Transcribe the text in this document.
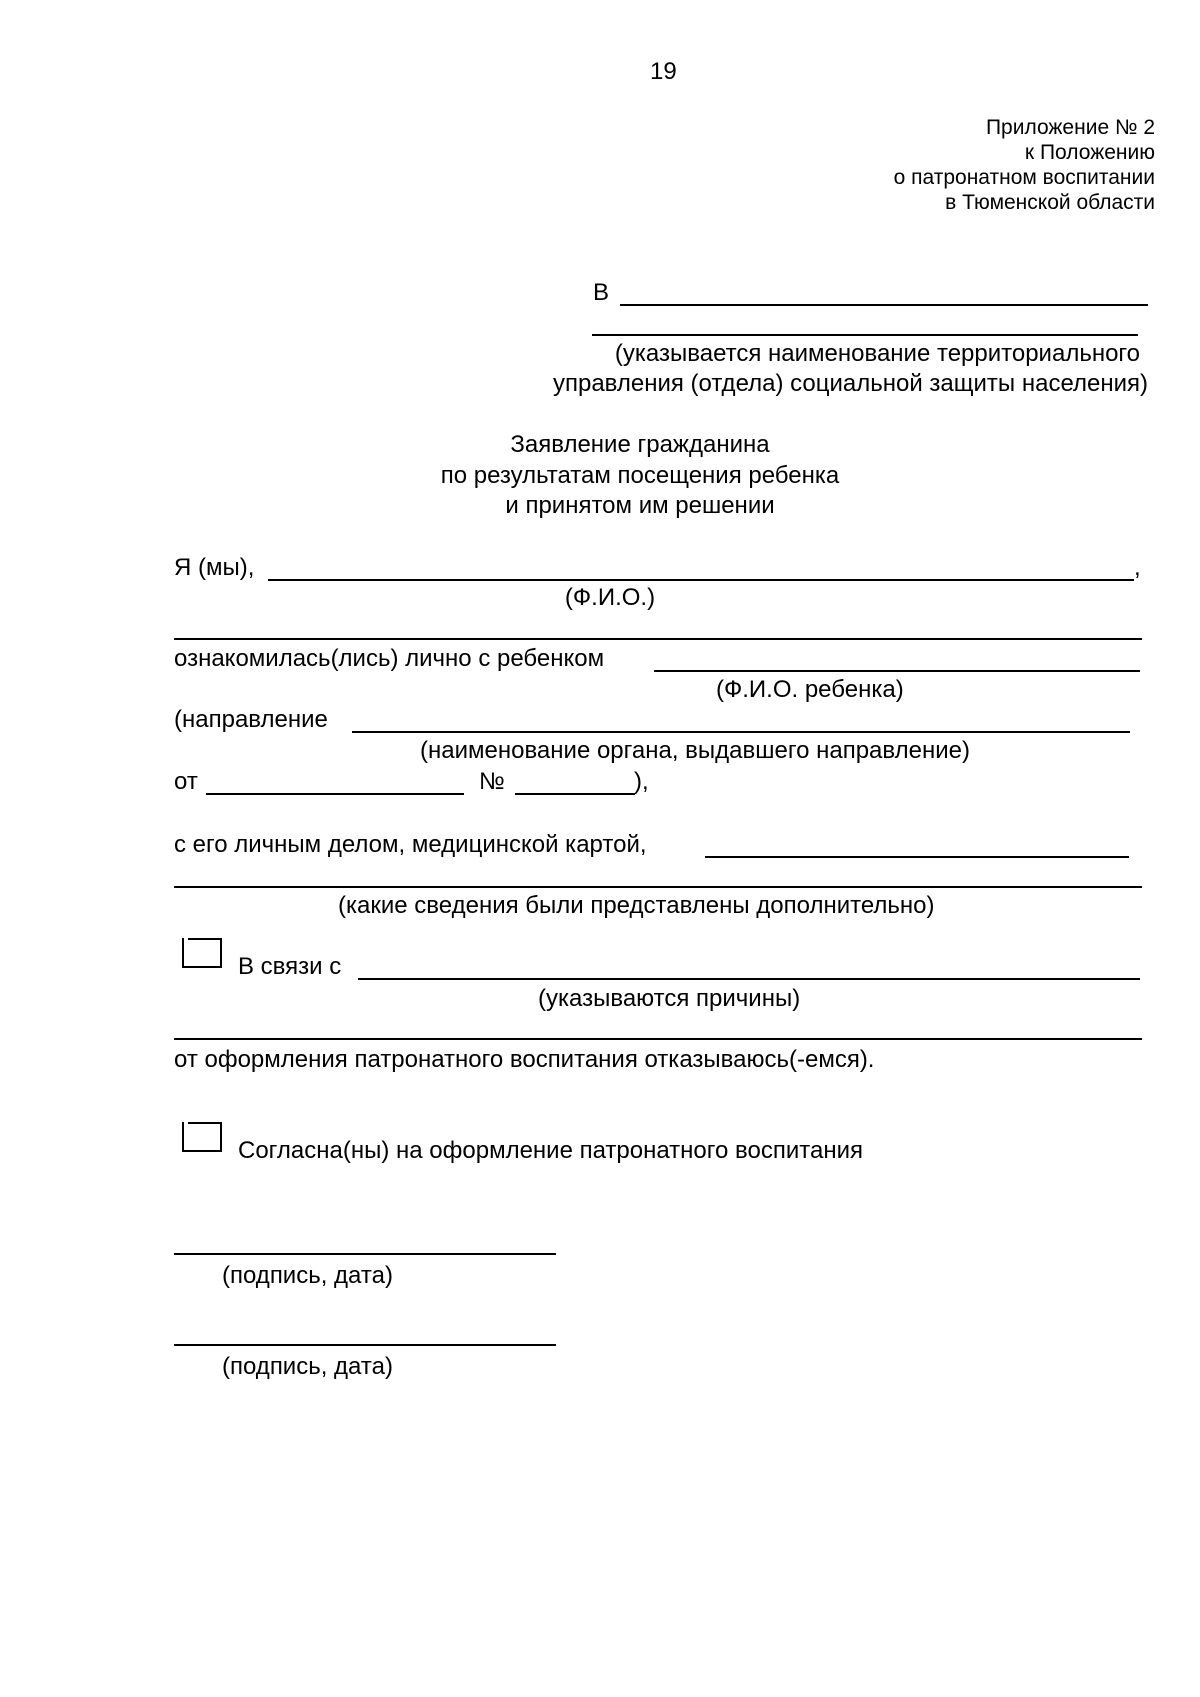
19
Приложение № 2
к Положению
о патронатном воспитании
в Тюменской области
В
(указывается наименование территориального
управления (отдела) социальной защиты населения)
Заявление гражданина
по результатам посещения ребенка
и принятом им решении
Я (мы),	,
(Ф.И.О.)
ознакомилась(лись) лично с ребенком
(Ф.И.О. ребенка)
(направление
(наименование органа, выдавшего направление)
от	№	),
с его личным делом, медицинской картой,
(какие сведения были представлены дополнительно)
В связи с
(указываются причины)
от оформления патронатного воспитания отказываюсь(-емся).
Согласна(ны) на оформление патронатного воспитания
(подпись, дата)
(подпись, дата)
